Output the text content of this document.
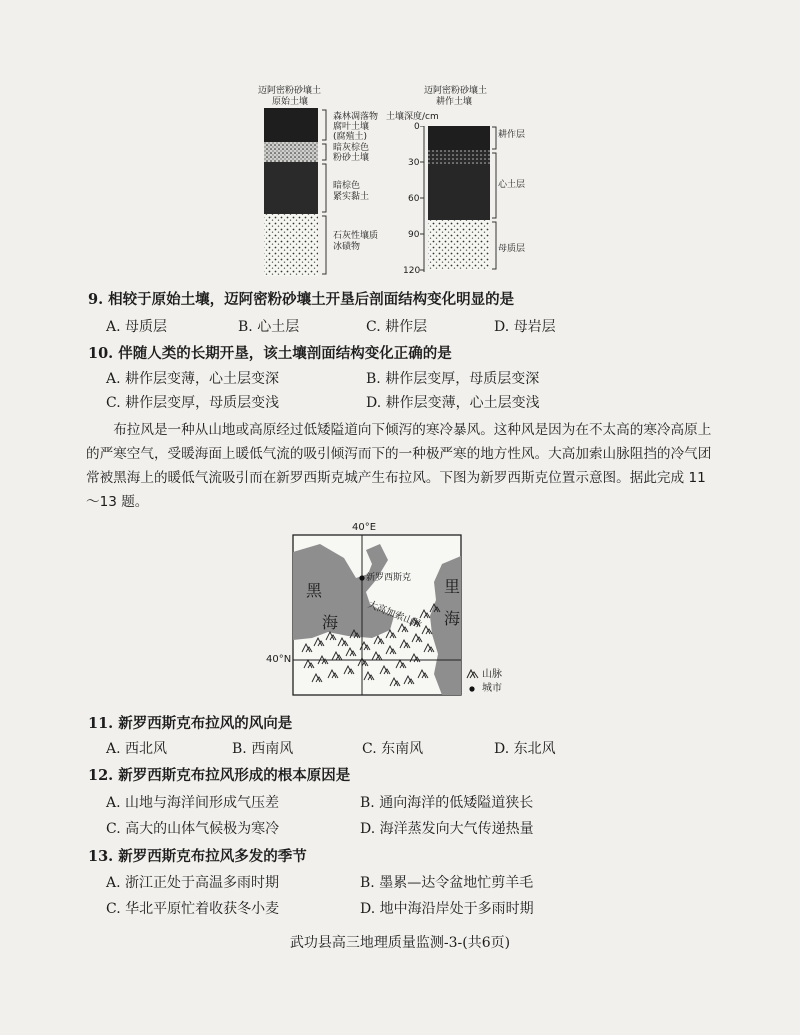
迈阿密粉砂壤土
原始土壤
森林凋落物
腐叶土壤
(腐殖土)
暗灰棕色
粉砂土壤
暗棕色
紧实黏土
石灰性壤质
冰碛物
迈阿密粉砂壤土
耕作土壤
土壤深度/cm
0
30
60
90
120
耕作层
心土层
母质层
9. 相较于原始土壤，迈阿密粉砂壤土开垦后剖面结构变化明显的是
A. 母质层	B. 心土层	C. 耕作层	D. 母岩层
10. 伴随人类的长期开垦，该土壤剖面结构变化正确的是
A. 耕作层变薄，心土层变深	B. 耕作层变厚，母质层变深
C. 耕作层变厚，母质层变浅	D. 耕作层变薄，心土层变浅

布拉风是一种从山地或高原经过低矮隘道向下倾泻的寒冷暴风。这种风是因为在不太高的寒冷高原上的严寒空气，受暖海面上暖低气流的吸引倾泻而下的一种极严寒的地方性风。大高加索山脉阻挡的冷气团常被黑海上的暖低气流吸引而在新罗西斯克城产生布拉风。下图为新罗西斯克位置示意图。据此完成 11～13 题。

40°E
新罗西斯克
黑
海
里
海
大高加索山脉
40°N
山脉
城市
11. 新罗西斯克布拉风的风向是
A. 西北风	B. 西南风	C. 东南风	D. 东北风
12. 新罗西斯克布拉风形成的根本原因是
A. 山地与海洋间形成气压差	B. 通向海洋的低矮隘道狭长
C. 高大的山体气候极为寒冷	D. 海洋蒸发向大气传递热量
13. 新罗西斯克布拉风多发的季节
A. 浙江正处于高温多雨时期	B. 墨累—达令盆地忙剪羊毛
C. 华北平原忙着收获冬小麦	D. 地中海沿岸处于多雨时期
武功县高三地理质量监测-3-(共6页)
